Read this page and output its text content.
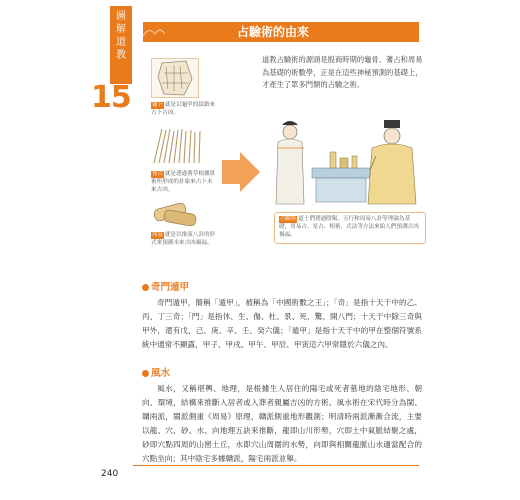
圖
解
道
教
15
占驗術的由來
道教占驗術的源頭是殷商時期的龜骨、蓍占和周易為基礎的術數學，正是在這些神秘預測的基礎上，才產生了眾多門類的占驗之術。
龜卜 就是以龜甲的紋路來占卜吉凶。
蓍占 就是透過蓍草根據算術所形成的卦象來占卜未來吉凶。
周易 就是以推演八卦的形式來預測未來吉凶禍福。
占驗術 道士們透過陰陽、五行和周易八卦等理論為基礎，用易占、星占、相術、式法等方法來給人們預測吉凶禍福。
奇門遁甲
奇門遁甲，簡稱「遁甲」，被稱為「中國術數之王」；「奇」是指十天干中的乙、丙、丁三奇；「門」是指休、生、傷、杜、景、死、驚、開八門；十天干中除三奇與甲外，還有戊、己、庚、辛、壬、癸六儀；「遁甲」是指十天干中的甲在整個符號系統中通常不顯露，甲子、甲戌、甲午、甲辰、甲寅這六甲常隱於六儀之內。
風水
風水，又稱堪輿、地理，是根據生人居住的陽宅或死者墓地的陰宅地形、朝向、環境，結構來推斷入居者或入葬者親屬吉凶的方術。風水術在宋代時分為閩、贛兩派，閩派側重《周易》原理，贛派側重地形觀測；明清時兩派漸漸合流，主要以龍、穴、砂、水、向地理五訣來推斷，龍即山川形勢，穴即土中氣脈結聚之處，砂即穴點四周的山巒土丘，水即穴山周圍的水勢，向即與相關龍脈山水適當配合的穴點坐向；其中陰宅多據贛派，陽宅兩派並舉。
240
